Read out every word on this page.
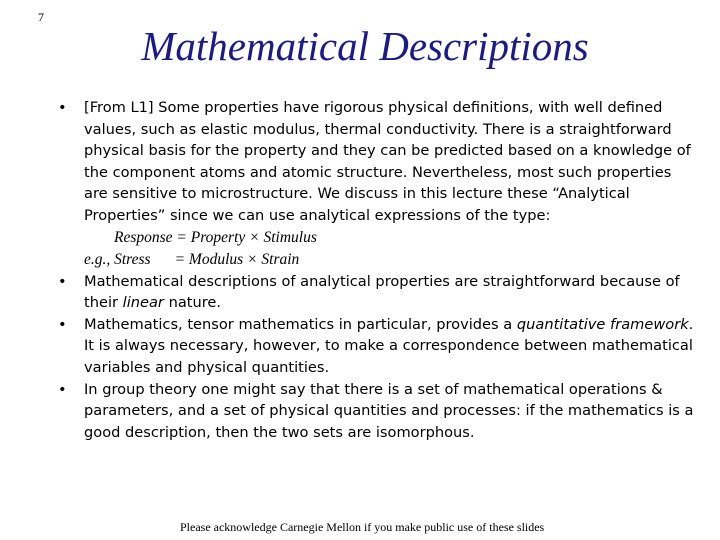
7
Mathematical Descriptions
• [From L1] Some properties have rigorous physical definitions, with well defined values, such as elastic modulus, thermal conductivity. There is a straightforward physical basis for the property and they can be predicted based on a knowledge of the component atoms and atomic structure. Nevertheless, most such properties are sensitive to microstructure. We discuss in this lecture these “Analytical Properties” since we can use analytical expressions of the type:
Response = Property × Stimulus
e.g., Stress = Modulus × Strain
• Mathematical descriptions of analytical properties are straightforward because of their linear nature.
• Mathematics, tensor mathematics in particular, provides a quantitative framework. It is always necessary, however, to make a correspondence between mathematical variables and physical quantities.
• In group theory one might say that there is a set of mathematical operations & parameters, and a set of physical quantities and processes: if the mathematics is a good description, then the two sets are isomorphous.
Please acknowledge Carnegie Mellon if you make public use of these slides
